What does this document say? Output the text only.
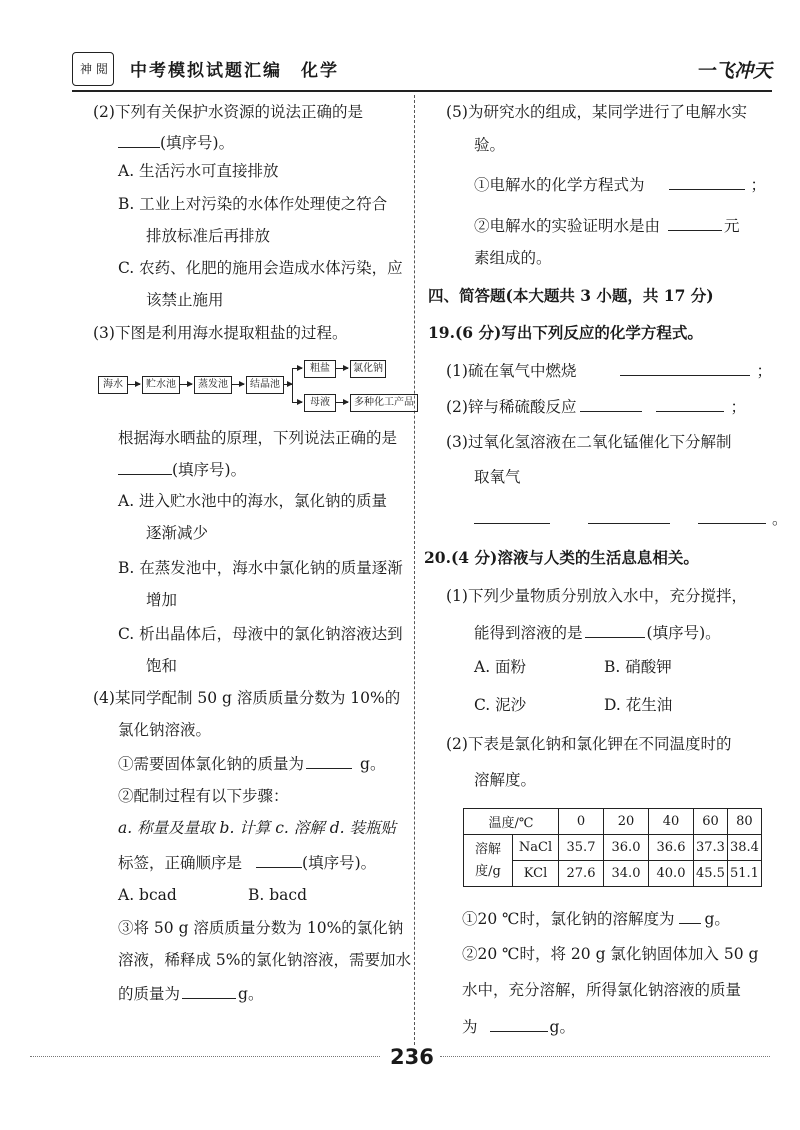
神 閲 中考模拟试题汇编　化学	一飞冲天
(2)下列有关保护水资源的说法正确的是
(填序号)。
A. 生活污水可直接排放
B. 工业上对污染的水体作处理使之符合
排放标准后再排放
C. 农药、化肥的施用会造成水体污染，应
该禁止施用
(3)下图是利用海水提取粗盐的过程。
海水	贮水池	蒸发池	结晶池
粗盐	氯化钠
母液	多种化工产品
根据海水晒盐的原理，下列说法正确的是
(填序号)。
A. 进入贮水池中的海水，氯化钠的质量
逐渐减少
B. 在蒸发池中，海水中氯化钠的质量逐渐
增加
C. 析出晶体后，母液中的氯化钠溶液达到
饱和
(4)某同学配制 50 g 溶质质量分数为 10%的
氯化钠溶液。
①需要固体氯化钠的质量为	g。
②配制过程有以下步骤：
a. 称量及量取 b. 计算 c. 溶解 d. 装瓶贴
标签，正确顺序是	(填序号)。
A. bcad	B. bacd
③将 50 g 溶质质量分数为 10%的氯化钠
溶液，稀释成 5%的氯化钠溶液，需要加水
的质量为	g。
(5)为研究水的组成，某同学进行了电解水实
验。
①电解水的化学方程式为	；
②电解水的实验证明水是由	元
素组成的。
四、简答题(本大题共 3 小题，共 17 分)
19.(6 分)写出下列反应的化学方程式。
(1)硫在氧气中燃烧	；
(2)锌与稀硫酸反应	；
(3)过氧化氢溶液在二氧化锰催化下分解制
取氧气
。
20.(4 分)溶液与人类的生活息息相关。
(1)下列少量物质分别放入水中，充分搅拌，
能得到溶液的是	(填序号)。
A. 面粉	B. 硝酸钾
C. 泥沙	D. 花生油
(2)下表是氯化钠和氯化钾在不同温度时的
溶解度。
温度/℃		0	20	40	60	80
溶解
度/g	NaCl	35.7	36.0	36.6	37.3	38.4
	KCl	27.6	34.0	40.0	45.5	51.1
①20 ℃时，氯化钠的溶解度为 g。
②20 ℃时，将 20 g 氯化钠固体加入 50 g
水中，充分溶解，所得氯化钠溶液的质量
为	g。
236
